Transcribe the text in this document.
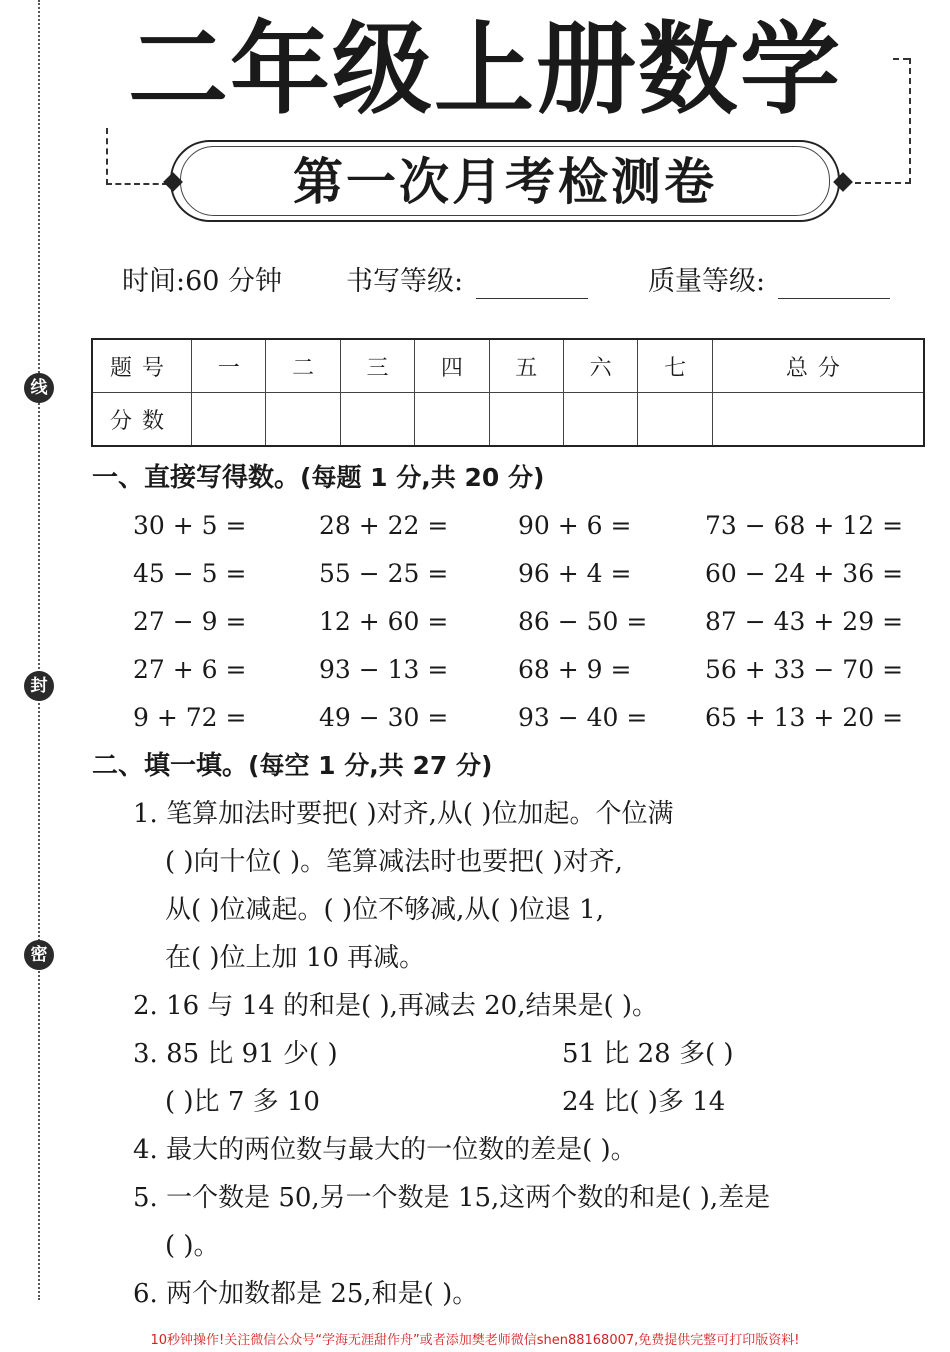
线
封
密
二年级上册数学
第一次月考检测卷
时间:60 分钟 书写等级:	质量等级:
题号	一	二	三	四	五	六	七	总分
分数								
一、直接写得数。(每题 1 分,共 20 分)
30 + 5 =	28 + 22 =	90 + 6 =	73 − 68 + 12 =
45 − 5 =	55 − 25 =	96 + 4 =	60 − 24 + 36 =
27 − 9 =	12 + 60 =	86 − 50 = 87 − 43 + 29 =
27 + 6 =	93 − 13 =	68 + 9 =	56 + 33 − 70 =
9 + 72 =	49 − 30 =	93 − 40 = 65 + 13 + 20 =
二、填一填。(每空 1 分,共 27 分)
1. 笔算加法时要把( )对齐,从( )位加起。个位满
( )向十位( )。笔算减法时也要把( )对齐,
从( )位减起。( )位不够减,从( )位退 1,
在( )位上加 10 再减。
2. 16 与 14 的和是( ),再减去 20,结果是( )。
3. 85 比 91 少( )	51 比 28 多( )
( )比 7 多 10	24 比( )多 14
4. 最大的两位数与最大的一位数的差是( )。
5. 一个数是 50,另一个数是 15,这两个数的和是( ),差是
( )。
6. 两个加数都是 25,和是( )。
10秒钟操作!关注微信公众号“学海无涯甜作舟”或者添加樊老师微信shen88168007,免费提供完整可打印版资料!
